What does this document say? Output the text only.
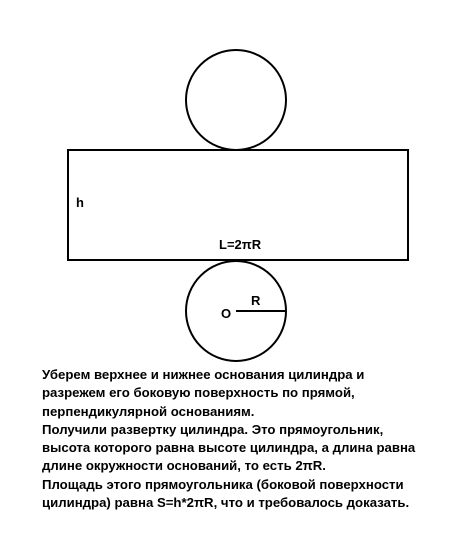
h
L=2πR
R
O
Уберем верхнее и нижнее основания цилиндра и
разрежем его боковую поверхность по прямой,
перпендикулярной основаниям.
Получили развертку цилиндра. Это прямоугольник,
высота которого равна высоте цилиндра, а длина равна
длине окружности оснований, то есть 2πR.
Площадь этого прямоугольника (боковой поверхности
цилиндра) равна S=h*2πR, что и требовалось доказать.
